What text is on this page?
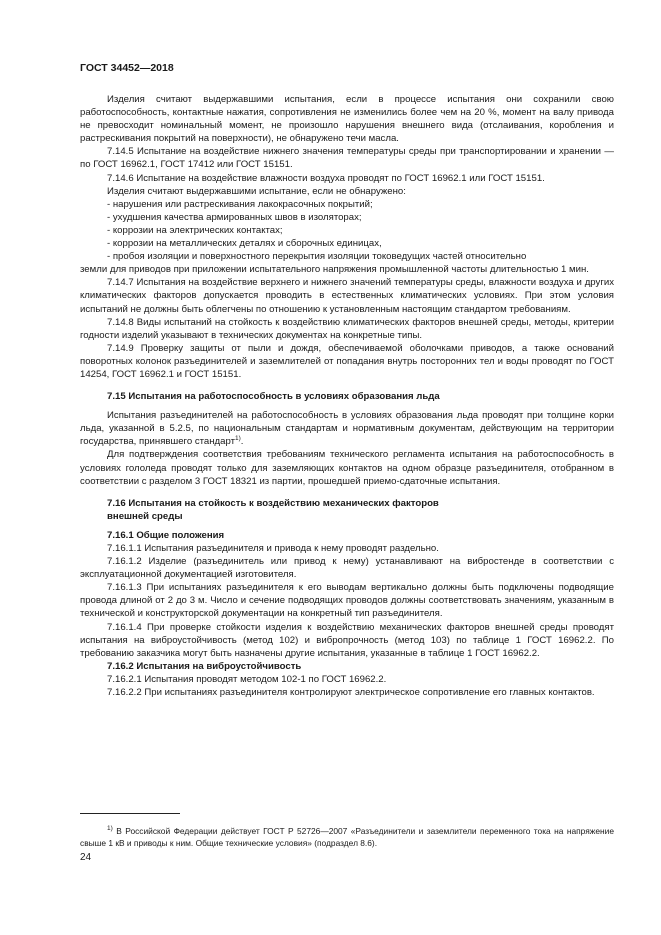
ГОСТ 34452—2018

Изделия считают выдержавшими испытания, если в процессе испытания они сохранили свою работоспособность, контактные нажатия, сопротивления не изменились более чем на 20 %, момент на валу привода не превосходит номинальный момент, не произошло нарушения внешнего вида (отслаивания, коробления и растрескивания покрытий на поверхности), не обнаружено течи масла.

7.14.5 Испытание на воздействие нижнего значения температуры среды при транспортировании и хранении — по ГОСТ 16962.1, ГОСТ 17412 или ГОСТ 15151.

7.14.6 Испытание на воздействие влажности воздуха проводят по ГОСТ 16962.1 или ГОСТ 15151.

Изделия считают выдержавшими испытание, если не обнаружено:

- нарушения или растрескивания лакокрасочных покрытий;

- ухудшения качества армированных швов в изоляторах;

- коррозии на электрических контактах;

- коррозии на металлических деталях и сборочных единицах,

- пробоя изоляции и поверхностного перекрытия изоляции токоведущих частей относительно

земли для приводов при приложении испытательного напряжения промышленной частоты длительностью 1 мин.

7.14.7 Испытания на воздействие верхнего и нижнего значений температуры среды, влажности воздуха и других климатических факторов допускается проводить в естественных климатических условиях. При этом условия испытаний не должны быть облегчены по отношению к установленным настоящим стандартом требованиям.

7.14.8 Виды испытаний на стойкость к воздействию климатических факторов внешней среды, методы, критерии годности изделий указывают в технических документах на конкретные типы.

7.14.9 Проверку защиты от пыли и дождя, обеспечиваемой оболочками приводов, а также оснований поворотных колонок разъединителей и заземлителей от попадания внутрь посторонних тел и воды проводят по ГОСТ 14254, ГОСТ 16962.1 и ГОСТ 15151.

7.15 Испытания на работоспособность в условиях образования льда

Испытания разъединителей на работоспособность в условиях образования льда проводят при толщине корки льда, указанной в 5.2.5, по национальным стандартам и нормативным документам, действующим на территории государства, принявшего стандарт$^{1)}$.

Для подтверждения соответствия требованиям технического регламента испытания на работоспособность в условиях гололеда проводят только для заземляющих контактов на одном образце разъединителя, отобранном в соответствии с разделом 3 ГОСТ 18321 из партии, прошедшей приемо-сдаточные испытания.

7.16 Испытания на стойкость к воздействию механических факторов

внешней среды

7.16.1 Общие положения

7.16.1.1 Испытания разъединителя и привода к нему проводят раздельно.

7.16.1.2 Изделие (разъединитель или привод к нему) устанавливают на вибростенде в соответствии с эксплуатационной документацией изготовителя.

7.16.1.3 При испытаниях разъединителя к его выводам вертикально должны быть подключены подводящие провода длиной от 2 до 3 м. Число и сечение подводящих проводов должны соответствовать значениям, указанным в технической и конструкторской документации на конкретный тип разъединителя.

7.16.1.4 При проверке стойкости изделия к воздействию механических факторов внешней среды проводят испытания на виброустойчивость (метод 102) и вибропрочность (метод 103) по таблице 1 ГОСТ 16962.2. По требованию заказчика могут быть назначены другие испытания, указанные в таблице 1 ГОСТ 16962.2.

7.16.2 Испытания на виброустойчивость

7.16.2.1 Испытания проводят методом 102-1 по ГОСТ 16962.2.

7.16.2.2 При испытаниях разъединителя контролируют электрическое сопротивление его главных контактов.

$^{1)}$ В Российской Федерации действует ГОСТ Р 52726—2007 «Разъединители и заземлители переменного тока на напряжение свыше 1 кВ и приводы к ним. Общие технические условия» (подраздел 8.6).

24
